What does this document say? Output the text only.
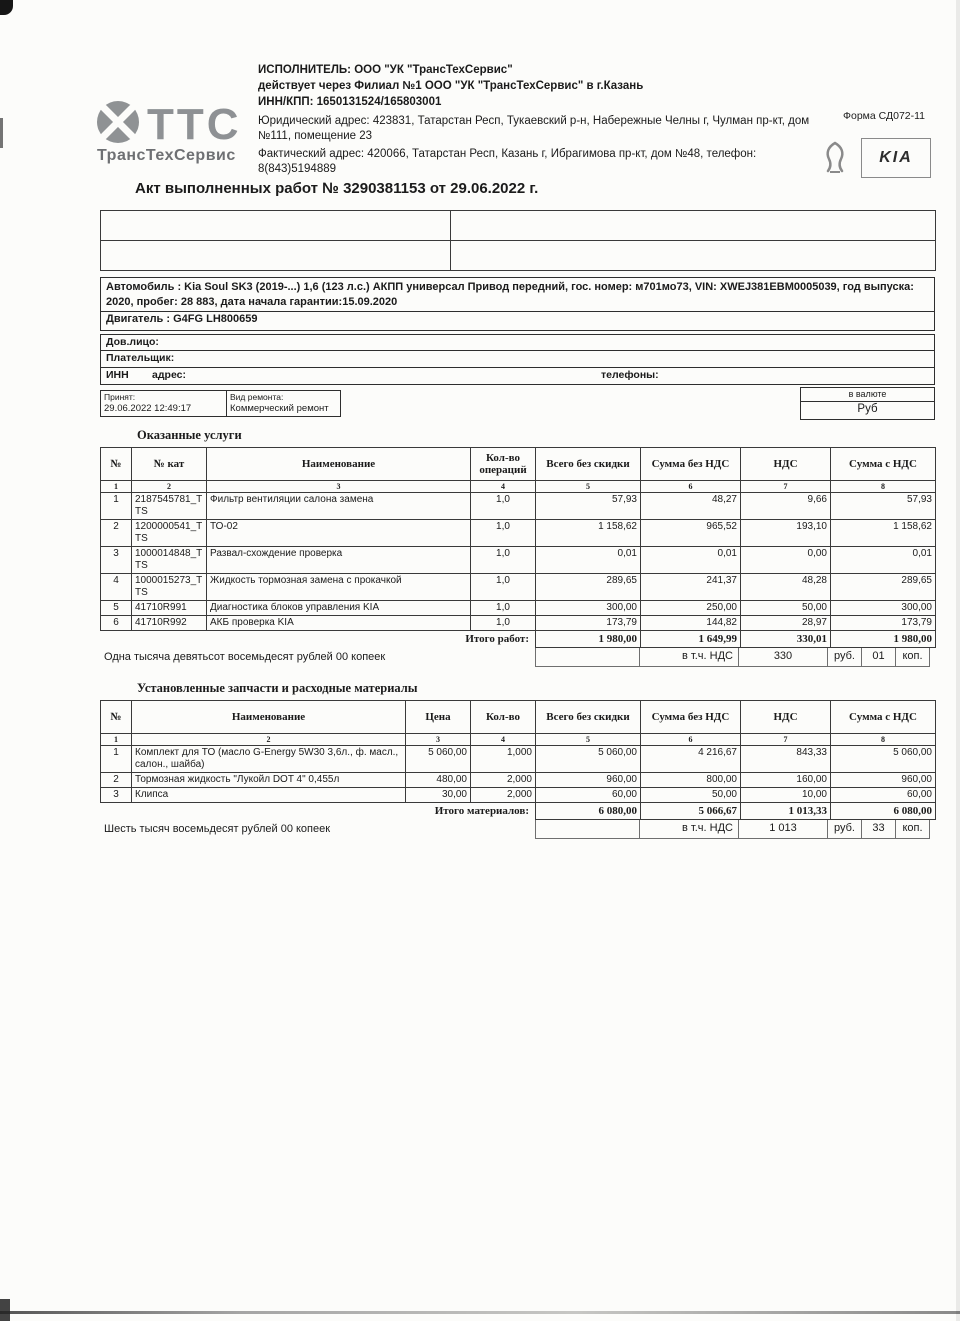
ТТС
ТрансТехСервис
ИСПОЛНИТЕЛЬ: ООО "УК "ТрансТехСервис"
действует через Филиал №1 ООО "УК "ТрансТехСервис" в г.Казань
ИНН/КПП: 1650131524/165803001
Юридический адрес: 423831, Татарстан Респ, Тукаевский р-н, Набережные Челны г, Чулман пр-кт, дом №111, помещение 23
Фактический адрес: 420066, Татарстан Респ, Казань г, Ибрагимова пр-кт, дом №48, телефон: 8(843)5194889
Форма СД072-11
KIA
Акт выполненных работ № 3290381153 от 29.06.2022 г.

Автомобиль : Kia Soul SK3 (2019-...) 1,6 (123 л.с.) АКПП универсал Привод передний, гос. номер: м701мо73, VIN: XWEJ381EBM0005039, год выпуска: 2020, пробег: 28 883, дата начала гарантии:15.09.2020
Двигатель : G4FG LH800659
Дов.лицо:
Плательщик:
ИНН        адрес:	телефоны:
Принят:
29.06.2022 12:49:17
Вид ремонта:
Коммерческий ремонт
в валюте
Руб
Оказанные услуги
№	№ кат	Наименование	Кол-во операций	Всего без скидки	Сумма без НДС	НДС	Сумма с НДС
1	2	3	4	5	6	7	8
1	2187545781_TTS	Фильтр вентиляции салона замена	1,0	57,93	48,27	9,66	57,93
2	1200000541_TTS	ТО-02	1,0	1 158,62	965,52	193,10	1 158,62
3	1000014848_TTS	Развал-схождение проверка	1,0	0,01	0,01	0,00	0,01
4	1000015273_TTS	Жидкость тормозная замена с прокачкой	1,0	289,65	241,37	48,28	289,65
5	41710R991	Диагностика блоков управления KIA	1,0	300,00	250,00	50,00	300,00
6	41710R992	АКБ проверка KIA	1,0	173,79	144,82	28,97	173,79
Итого работ:				1 980,00	1 649,99	330,01	1 980,00
Одна тысяча девятьсот восемьдесят рублей 00 копеек	в т.ч. НДС	330	руб.	01	коп.
Установленные запчасти и расходные материалы
№	Наименование	Цена	Кол-во	Всего без скидки	Сумма без НДС	НДС	Сумма с НДС
1	2	3	4	5	6	7	8
1	Комплект для ТО (масло G-Energy 5W30 3,6л., ф. масл., салон., шайба)	5 060,00	1,000	5 060,00	4 216,67	843,33	5 060,00
2	Тормозная жидкость "Лукойл DOT 4" 0,455л	480,00	2,000	960,00	800,00	160,00	960,00
3	Клипса	30,00	2,000	60,00	50,00	10,00	60,00
Итого материалов:				6 080,00	5 066,67	1 013,33	6 080,00
Шесть тысяч восемьдесят рублей 00 копеек	в т.ч. НДС	1 013	руб.	33	коп.
